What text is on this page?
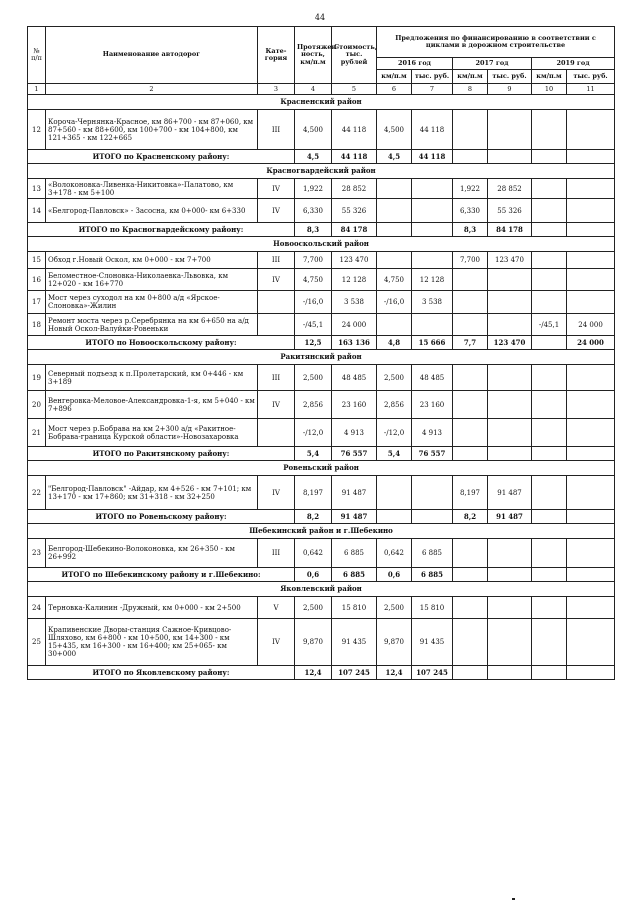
44
№ п/п	Наименование автодорог	Кате-гория	Протяжен-ность, км/п.м	Стоимость, тыс. рублей	Предложения по финансированию в соответствии с циклами в дорожном строительстве					
					2016 год		2017 год		2019 год	
					км/п.м	тыс. руб.	км/п.м	тыс. руб.	км/п.м	тыс. руб.
1	2	3	4	5	6	7	8	9	10	11
Красненский район										
12	Короча-Чернянка-Красное, км 86+700 - км 87+060, км 87+560 - км 88+600, км 100+700 - км 104+800, км 121+365 - км 122+665	III	4,500	44 118	4,500	44 118				
ИТОГО по Красненскому району:			4,5	44 118	4,5	44 118				
Красногвардейский район										
13	«Волоконовка-Ливенка-Никитовка»-Палатово, км 3+178 - км 5+100	IV	1,922	28 852			1,922	28 852		
14	«Белгород-Павловск» - Засосна, км 0+000- км 6+330	IV	6,330	55 326			6,330	55 326		
ИТОГО по Красногвардейскому району:			8,3	84 178			8,3	84 178		
Новооскольский район										
15	Обход г.Новый Оскол, км 0+000 - км 7+700	III	7,700	123 470			7,700	123 470		
16	Беломестное-Слоновка-Николаевка-Львовка, км 12+020 - км 16+770	IV	4,750	12 128	4,750	12 128				
17	Мост через суходол на км 0+800 а/д «Ярское-Слоновка»-Жилин		-/16,0	3 538	-/16,0	3 538				
18	Ремонт моста через р.Серебрянка на км 6+650 на а/д Новый Оскол-Валуйки-Ровеньки		-/45,1	24 000					-/45,1	24 000
ИТОГО по Новооскольскому району:			12,5	163 136	4,8	15 666	7,7	123 470		24 000
Ракитянский район										
19	Северный подъезд к п.Пролетарский, км 0+446 - км 3+189	III	2,500	48 485	2,500	48 485				
20	Венгеровка-Меловое-Александровка-1-я, км 5+040 - км 7+896	IV	2,856	23 160	2,856	23 160				
21	Мост через р.Бобрава на км 2+300 а/д «Ракитное-Бобрава-граница Курской области»-Новозахаровка		-/12,0	4 913	-/12,0	4 913				
ИТОГО по Ракитянскому району:			5,4	76 557	5,4	76 557				
Ровеньский район										
22	"Белгород-Павловск" -Айдар, км 4+526 - км 7+101; км 13+170 - км 17+860; км 31+318 - км 32+250	IV	8,197	91 487			8,197	91 487		
ИТОГО по Ровеньскому району:			8,2	91 487			8,2	91 487		
Шебекинский район и г.Шебекино										
23	Белгород-Шебекино-Волоконовка, км 26+350 - км 26+992	III	0,642	6 885	0,642	6 885				
ИТОГО по Шебекинскому району и г.Шебекино:			0,6	6 885	0,6	6 885				
Яковлевский район										
24	Терновка-Калинин -Дружный, км 0+000 - км 2+500	V	2,500	15 810	2,500	15 810				
25	Крапивенские Дворы-станция Сажное-Кривцово-Шляхово, км 6+800 - км 10+500, км 14+300 - км 15+435, км 16+300 - км 16+400; км 25+065- км 30+000	IV	9,870	91 435	9,870	91 435				
ИТОГО по Яковлевскому району:			12,4	107 245	12,4	107 245				
